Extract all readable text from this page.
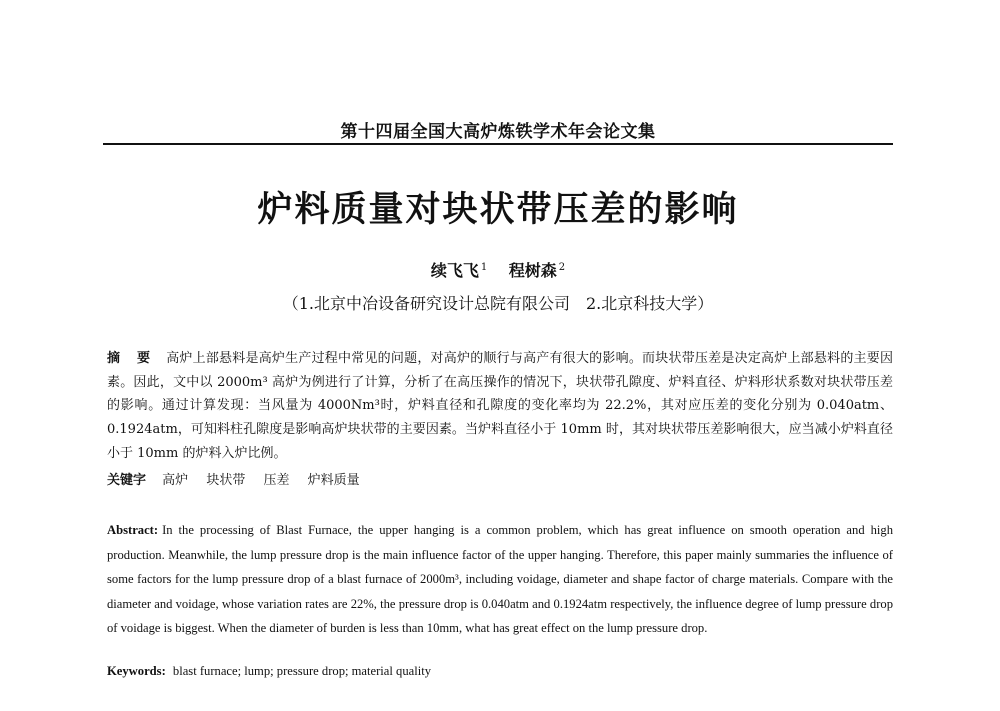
第十四届全国大高炉炼铁学术年会论文集
炉料质量对块状带压差的影响
续飞飞 $^1$ 程树森 $^2$
（1.北京中冶设备研究设计总院有限公司　2.北京科技大学）
摘 要 高炉上部悬料是高炉生产过程中常见的问题，对高炉的顺行与高产有很大的影响。而块状带压差是决定高炉上部悬料的主要因素。因此，文中以 2000m³ 高炉为例进行了计算，分析了在高压操作的情况下，块状带孔隙度、炉料直径、炉料形状系数对块状带压差的影响。通过计算发现：当风量为 4000Nm³时，炉料直径和孔隙度的变化率均为 22.2%，其对应压差的变化分别为 0.040atm、0.1924atm，可知料柱孔隙度是影响高炉块状带的主要因素。当炉料直径小于 10mm 时，其对块状带压差影响很大，应当减小炉料直径小于 10mm 的炉料入炉比例。
关键字 高炉 块状带 压差 炉料质量
Abstract: In the processing of Blast Furnace, the upper hanging is a common problem, which has great influence on smooth operation and high production. Meanwhile, the lump pressure drop is the main influence factor of the upper hanging. Therefore, this paper mainly summaries the influence of some factors for the lump pressure drop of a blast furnace of 2000m³, including voidage, diameter and shape factor of charge materials. Compare with the diameter and voidage, whose variation rates are 22%, the pressure drop is 0.040atm and 0.1924atm respectively, the influence degree of lump pressure drop of voidage is biggest. When the diameter of burden is less than 10mm, what has great effect on the lump pressure drop.
Keywords: blast furnace; lump; pressure drop; material quality
